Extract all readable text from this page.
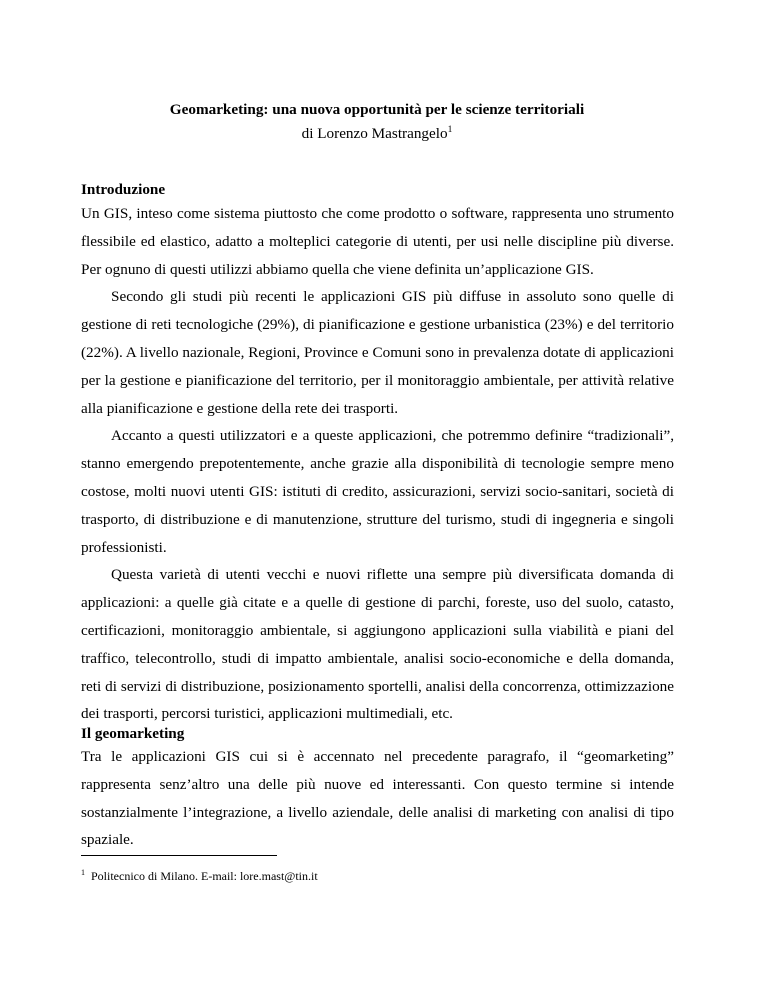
Geomarketing: una nuova opportunità per le scienze territoriali
di Lorenzo Mastrangelo$^1$
Introduzione

Un GIS, inteso come sistema piuttosto che come prodotto o software, rappresenta uno strumento flessibile ed elastico, adatto a molteplici categorie di utenti, per usi nelle discipline più diverse. Per ognuno di questi utilizzi abbiamo quella che viene definita un’applicazione GIS.

Secondo gli studi più recenti le applicazioni GIS più diffuse in assoluto sono quelle di gestione di reti tecnologiche (29%), di pianificazione e gestione urbanistica (23%) e del territorio (22%). A livello nazionale, Regioni, Province e Comuni sono in prevalenza dotate di applicazioni per la gestione e pianificazione del territorio, per il monitoraggio ambientale, per attività relative alla pianificazione e gestione della rete dei trasporti.

Accanto a questi utilizzatori e a queste applicazioni, che potremmo definire “tradizionali”, stanno emergendo prepotentemente, anche grazie alla disponibilità di tecnologie sempre meno costose, molti nuovi utenti GIS: istituti di credito, assicurazioni, servizi socio-sanitari, società di trasporto, di distribuzione e di manutenzione, strutture del turismo, studi di ingegneria e singoli professionisti.

Questa varietà di utenti vecchi e nuovi riflette una sempre più diversificata domanda di applicazioni: a quelle già citate e a quelle di gestione di parchi, foreste, uso del suolo, catasto, certificazioni, monitoraggio ambientale, si aggiungono applicazioni sulla viabilità e piani del traffico, telecontrollo, studi di impatto ambientale, analisi socio-economiche e della domanda, reti di servizi di distribuzione, posizionamento sportelli, analisi della concorrenza, ottimizzazione dei trasporti, percorsi turistici, applicazioni multimediali, etc.

Il geomarketing

Tra le applicazioni GIS cui si è accennato nel precedente paragrafo, il “geomarketing” rappresenta senz’altro una delle più nuove ed interessanti. Con questo termine si intende sostanzialmente l’integrazione, a livello aziendale, delle analisi di marketing con analisi di tipo spaziale.

$^1$ Politecnico di Milano. E-mail: lore.mast@tin.it
